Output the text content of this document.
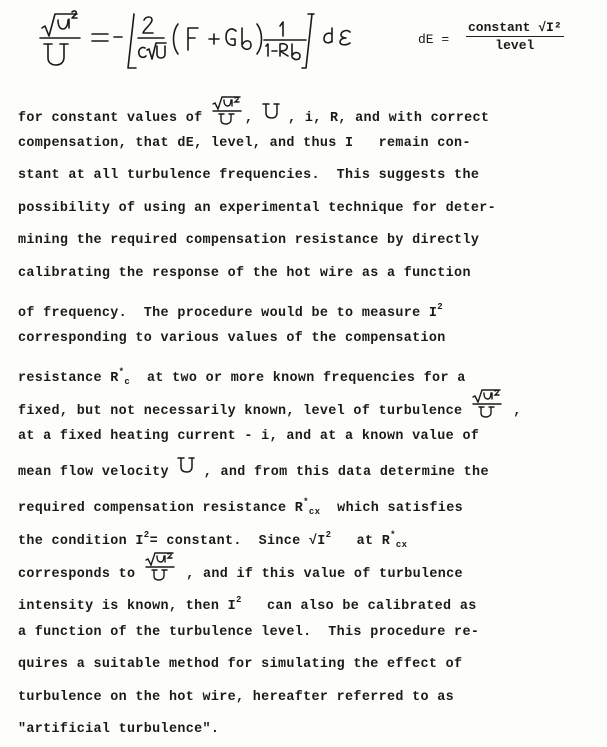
dE =
constant √I²
level
for constant values of	,  , i, R, and with correct
compensation, that dE, level, and thus I   remain con-
stant at all turbulence frequencies.  This suggests the
possibility of using an experimental technique for deter-
mining the required compensation resistance by directly
calibrating the response of the hot wire as a function
of frequency.  The procedure would be to measure $I^2$
corresponding to various values of the compensation
resistance $R^*_c$  at two or more known frequencies for a
fixed, but not necessarily known, level of turbulence	,
at a fixed heating current - i, and at a known value of
mean flow velocity  , and from this data determine the
required compensation resistance $R^*_{cx}$  which satisfies
the condition $I^2=$ constant.  Since $√I^2$   at $R^*_{cx}$
corresponds to	, and if this value of turbulence
intensity is known, then $I^2$   can also be calibrated as
a function of the turbulence level.  This procedure re-
quires a suitable method for simulating the effect of
turbulence on the hot wire, hereafter referred to as
"artificial turbulence".
